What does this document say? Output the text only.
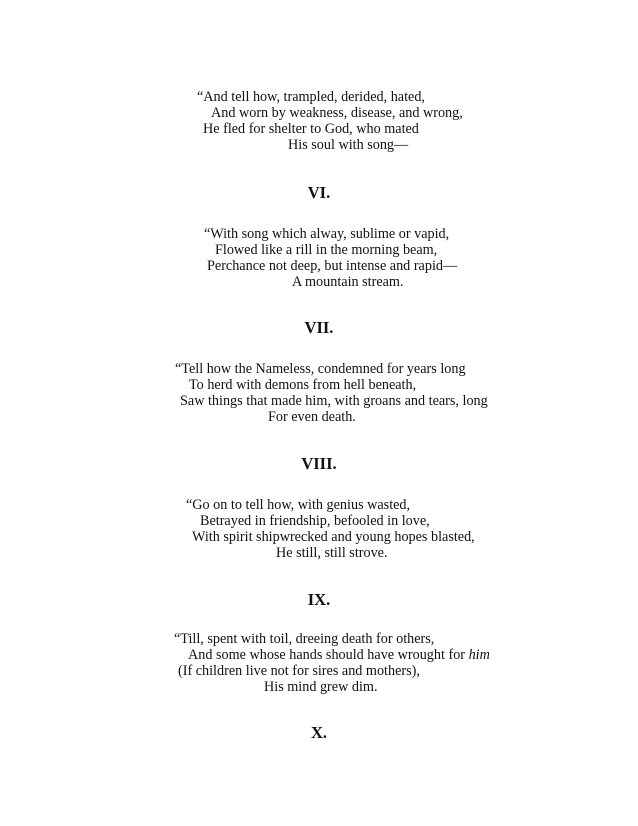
“And tell how, trampled, derided, hated,
And worn by weakness, disease, and wrong,
He fled for shelter to God, who mated
His soul with song—
VI.
“With song which alway, sublime or vapid,
Flowed like a rill in the morning beam,
Perchance not deep, but intense and rapid—
A mountain stream.
VII.
“Tell how the Nameless, condemned for years long
To herd with demons from hell beneath,
Saw things that made him, with groans and tears, long
For even death.
VIII.
“Go on to tell how, with genius wasted,
Betrayed in friendship, befooled in love,
With spirit shipwrecked and young hopes blasted,
He still, still strove.
IX.
“Till, spent with toil, dreeing death for others,
And some whose hands should have wrought for him
(If children live not for sires and mothers),
His mind grew dim.
X.
